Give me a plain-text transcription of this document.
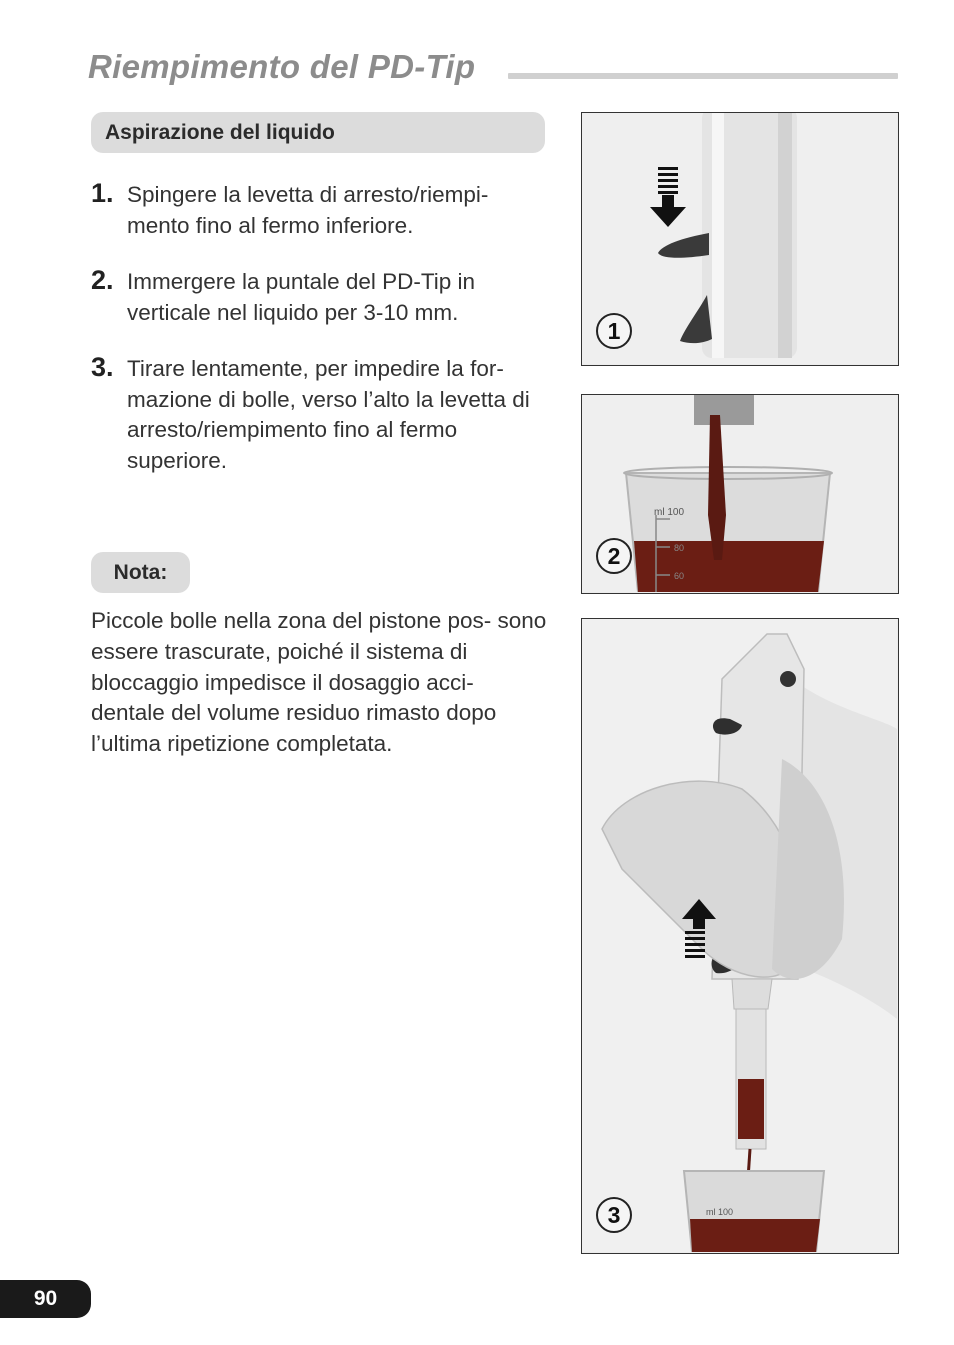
Riempimento del PD-Tip
Aspirazione del liquido
1. Spingere la levetta di arresto/riempi- mento fino al fermo inferiore.
2. Immergere la puntale del PD-Tip in verticale nel liquido per 3-10 mm.
3. Tirare lentamente, per impedire la for- mazione di bolle, verso l’alto la levetta di arresto/riempimento fino al fermo superiore.
Nota:
Piccole bolle nella zona del pistone pos- sono essere trascurate, poiché il sistema di bloccaggio impedisce il dosaggio acci- dentale del volume residuo rimasto dopo l’ultima ripetizione completata.
1
ml 100
80
60
2
ml 100
3
90
